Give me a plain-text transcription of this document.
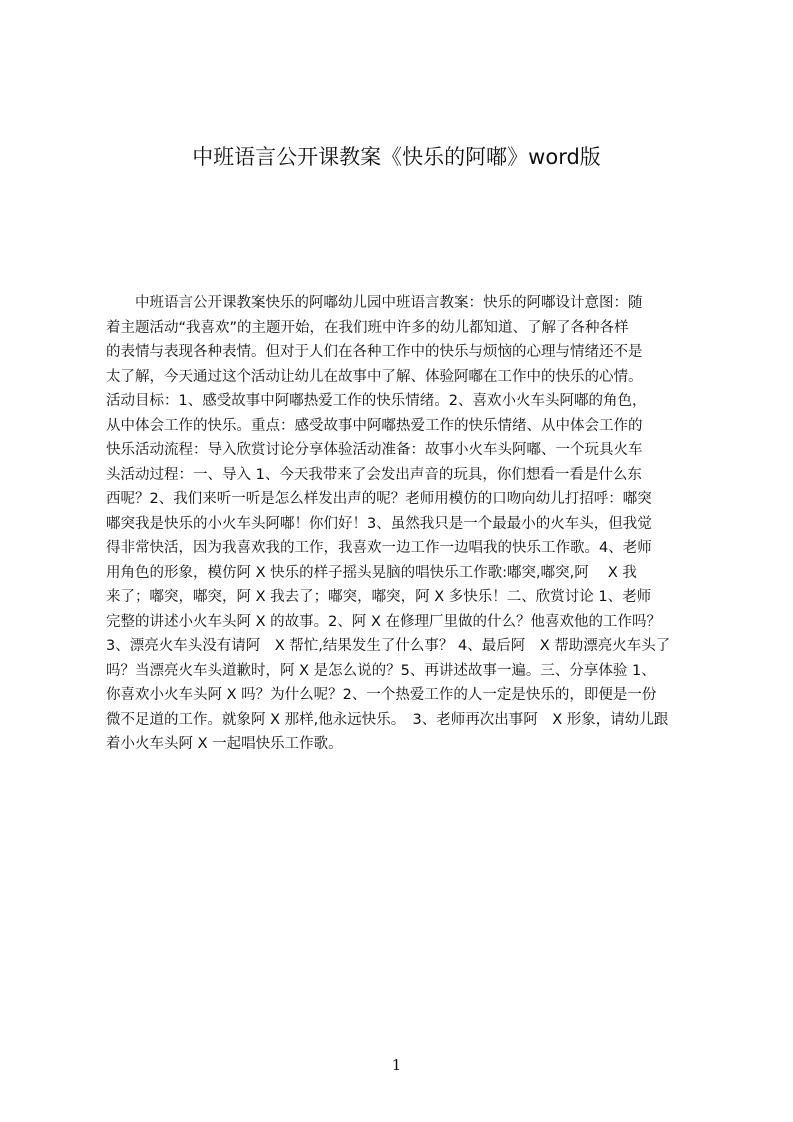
中班语言公开课教案《快乐的阿嘟》word版
　　中班语言公开课教案快乐的阿嘟幼儿园中班语言教案：快乐的阿嘟设计意图：随
着主题活动“我喜欢”的主题开始，在我们班中许多的幼儿都知道、了解了各种各样
的表情与表现各种表情。但对于人们在各种工作中的快乐与烦恼的心理与情绪还不是
太了解，今天通过这个活动让幼儿在故事中了解、体验阿嘟在工作中的快乐的心情。
活动目标：1、感受故事中阿嘟热爱工作的快乐情绪。2、喜欢小火车头阿嘟的角色，
从中体会工作的快乐。重点：感受故事中阿嘟热爱工作的快乐情绪、从中体会工作的
快乐活动流程：导入欣赏讨论分享体验活动准备：故事小火车头阿嘟、一个玩具火车
头活动过程：一、导入 1、今天我带来了会发出声音的玩具，你们想看一看是什么东
西呢？2、我们来听一听是怎么样发出声的呢？老师用模仿的口吻向幼儿打招呼：嘟突
嘟突我是快乐的小火车头阿嘟！你们好！3、虽然我只是一个最最小的火车头，但我觉
得非常快活，因为我喜欢我的工作，我喜欢一边工作一边唱我的快乐工作歌。4、老师
用角色的形象，模仿阿 X 快乐的样子摇头晃脑的唱快乐工作歌:嘟突,嘟突,阿　 X 我
来了；嘟突，嘟突，阿 X 我去了；嘟突，嘟突，阿 X 多快乐！二、欣赏讨论 1、老师
完整的讲述小火车头阿 X 的故事。2、阿 X 在修理厂里做的什么？他喜欢他的工作吗？
3、漂亮火车头没有请阿　X 帮忙,结果发生了什么事？ 4、最后阿　X 帮助漂亮火车头了
吗？当漂亮火车头道歉时，阿 X 是怎么说的？5、再讲述故事一遍。三、分享体验 1、
你喜欢小火车头阿 X 吗？为什么呢？2、一个热爱工作的人一定是快乐的，即便是一份
微不足道的工作。就象阿 X 那样,他永远快乐。　3、老师再次出事阿　X 形象，请幼儿跟
着小火车头阿 X 一起唱快乐工作歌。
1
